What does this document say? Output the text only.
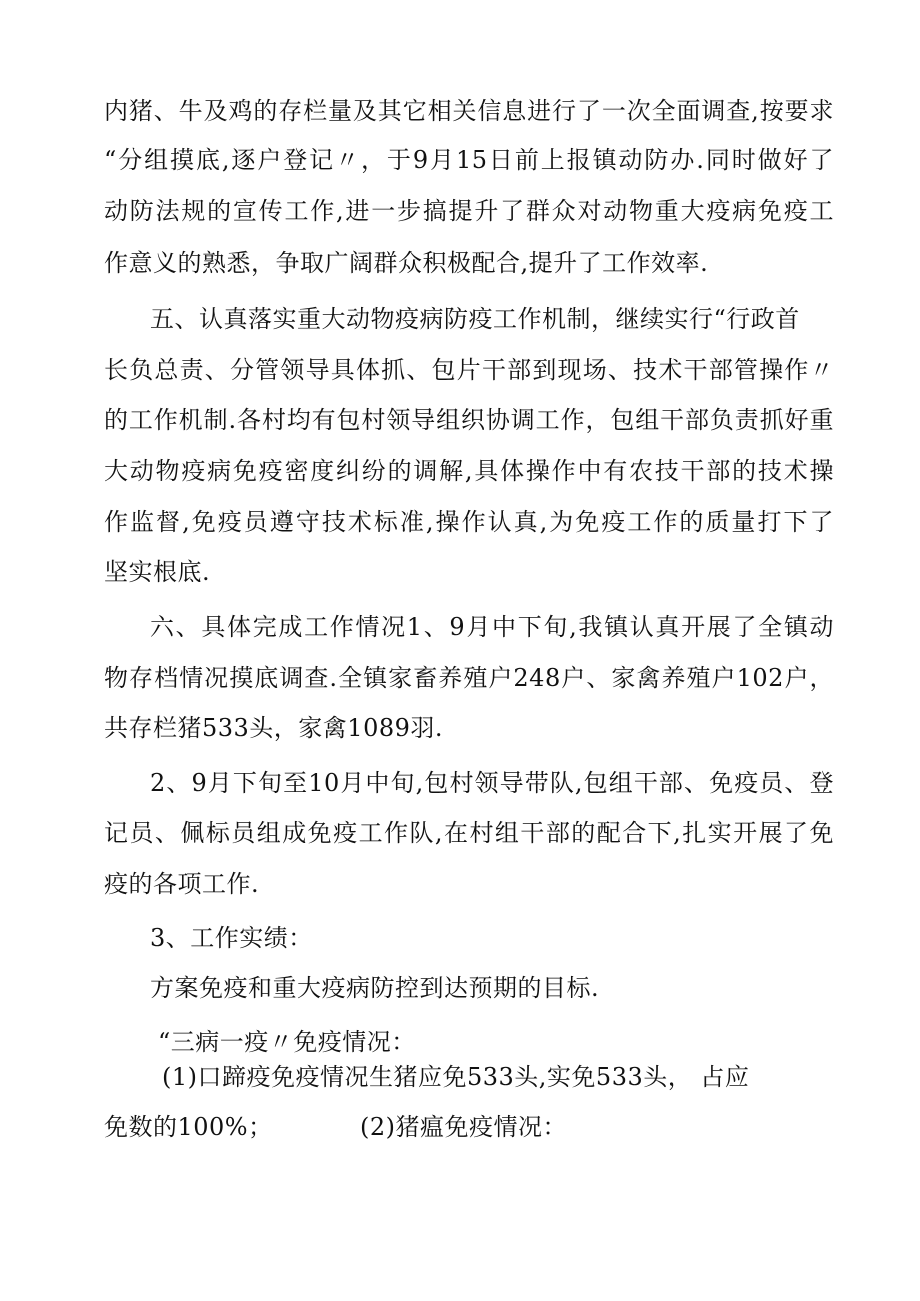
内猪、牛及鸡的存栏量及其它相关信息进行了一次全面调查,按要求
“分组摸底,逐户登记〃，于9月15日前上报镇动防办.同时做好了
动防法规的宣传工作,进一步搞提升了群众对动物重大疫病免疫工
作意义的熟悉，争取广阔群众积极配合,提升了工作效率.
五、认真落实重大动物疫病防疫工作机制，继续实行“行政首
长负总责、分管领导具体抓、包片干部到现场、技术干部管操作〃
的工作机制.各村均有包村领导组织协调工作，包组干部负责抓好重
大动物疫病免疫密度纠纷的调解,具体操作中有农技干部的技术操
作监督,免疫员遵守技术标准,操作认真,为免疫工作的质量打下了
坚实根底.
六、具体完成工作情况1、9月中下旬,我镇认真开展了全镇动
物存档情况摸底调查.全镇家畜养殖户248户、家禽养殖户102户，
共存栏猪533头，家禽1089羽.
2、9月下旬至10月中旬,包村领导带队,包组干部、免疫员、登
记员、佩标员组成免疫工作队,在村组干部的配合下,扎实开展了免
疫的各项工作.
3、工作实绩：
方案免疫和重大疫病防控到达预期的目标.
“三病一疫〃免疫情况：
(1)口蹄疫免疫情况生猪应免533头,实免533头， 占应
免数的100%；	(2)猪瘟免疫情况：
